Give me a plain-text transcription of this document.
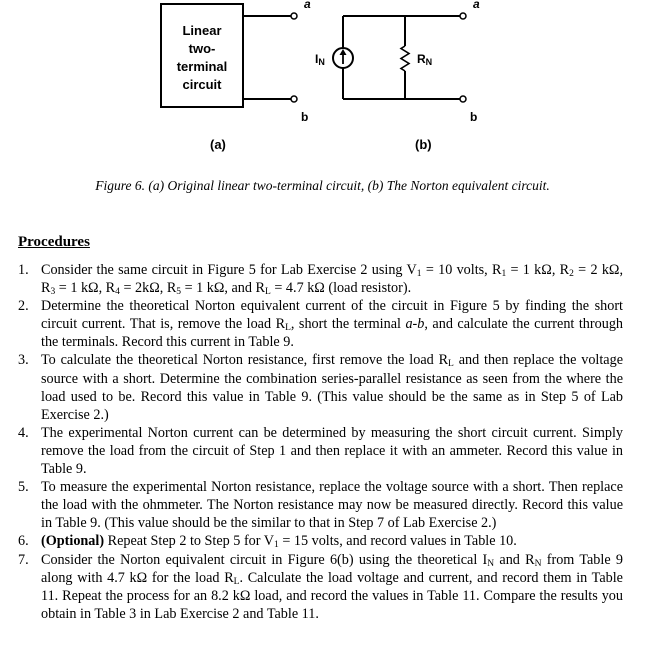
Linear
two-
terminal
circuit
a
b
a
b
IN	RN
(a)	(b)
Figure 6. (a) Original linear two-terminal circuit, (b) The Norton equivalent circuit.
Procedures
1. Consider the same circuit in Figure 5 for Lab Exercise 2 using $V_1 = 10$ volts, $R_1 = 1$ kΩ, $R_2 = 2$ kΩ, $R_3 = 1$ kΩ, $R_4 = 2k\Omega$, $R_5 = 1$ kΩ, and $R_L = 4.7$ kΩ (load resistor).
2. Determine the theoretical Norton equivalent current of the circuit in Figure 5 by finding the short circuit current. That is, remove the load $R_L$, short the terminal a-b, and calculate the current through the terminals. Record this current in Table 9.
3. To calculate the theoretical Norton resistance, first remove the load $R_L$ and then replace the voltage source with a short. Determine the combination series-parallel resistance as seen from the where the load used to be. Record this value in Table 9. (This value should be the same as in Step 5 of Lab Exercise 2.)
4. The experimental Norton current can be determined by measuring the short circuit current. Simply remove the load from the circuit of Step 1 and then replace it with an ammeter. Record this value in Table 9.
5. To measure the experimental Norton resistance, replace the voltage source with a short. Then replace the load with the ohmmeter. The Norton resistance may now be measured directly. Record this value in Table 9. (This value should be the similar to that in Step 7 of Lab Exercise 2.)
6. (Optional) Repeat Step 2 to Step 5 for $V_1 = 15$ volts, and record values in Table 10.
7. Consider the Norton equivalent circuit in Figure 6(b) using the theoretical $I_N$ and $R_N$ from Table 9 along with 4.7 kΩ for the load $R_L$. Calculate the load voltage and current, and record them in Table 11. Repeat the process for an 8.2 kΩ load, and record the values in Table 11. Compare the results you obtain in Table 3 in Lab Exercise 2 and Table 11.
